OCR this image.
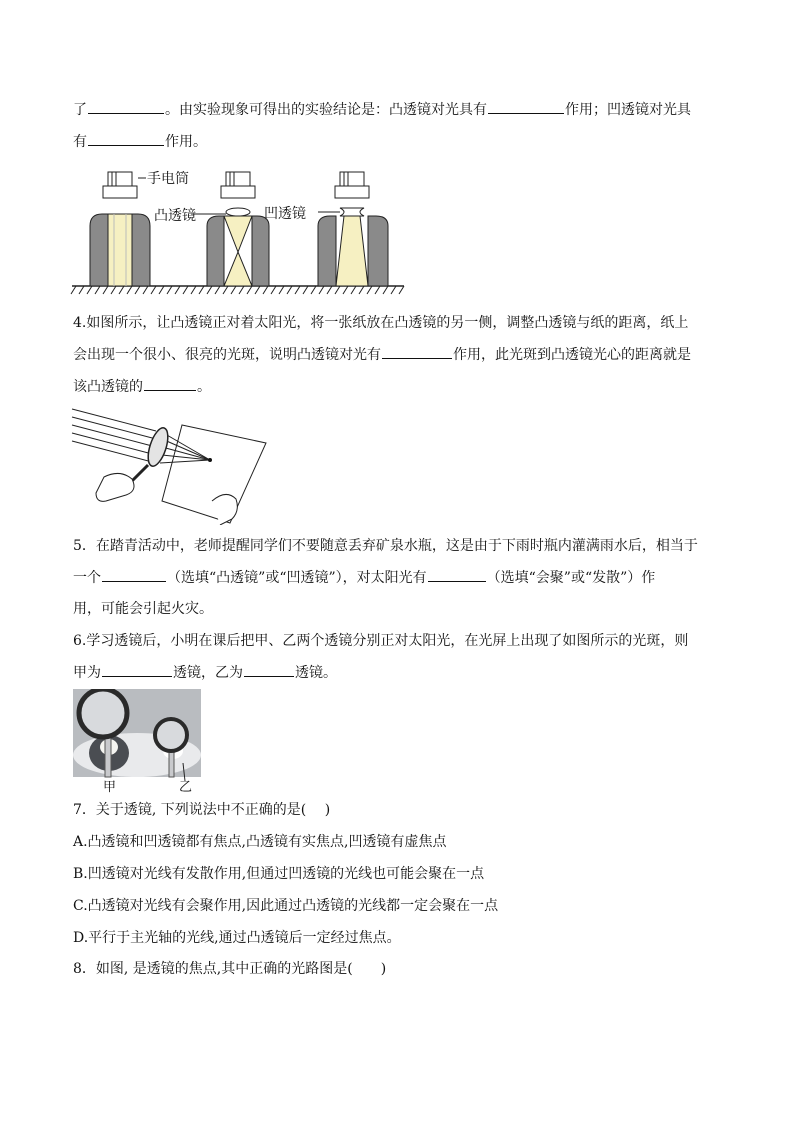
了	。由实验现象可得出的实验结论是：凸透镜对光具有	作用；凹透镜对光具
有	作用。
手电筒
凸透镜	凹透镜
4.如图所示，让凸透镜正对着太阳光，将一张纸放在凸透镜的另一侧，调整凸透镜与纸的距离，纸上
会出现一个很小、很亮的光斑，说明凸透镜对光有	作用，此光斑到凸透镜光心的距离就是
该凸透镜的	。
5．在踏青活动中，老师提醒同学们不要随意丢弃矿泉水瓶，这是由于下雨时瓶内灌满雨水后，相当于
一个	（选填“凸透镜”或“凹透镜”），对太阳光有	（选填“会聚”或“发散”）作
用，可能会引起火灾。
6.学习透镜后，小明在课后把甲、乙两个透镜分别正对太阳光，在光屏上出现了如图所示的光斑，则
甲为	透镜，乙为	透镜。
甲	乙
7．关于透镜, 下列说法中不正确的是(　 )
A.凸透镜和凹透镜都有焦点,凸透镜有实焦点,凹透镜有虚焦点
B.凹透镜对光线有发散作用,但通过凹透镜的光线也可能会聚在一点
C.凸透镜对光线有会聚作用,因此通过凸透镜的光线都一定会聚在一点
D.平行于主光轴的光线,通过凸透镜后一定经过焦点。
8．如图, 是透镜的焦点,其中正确的光路图是(　　)
